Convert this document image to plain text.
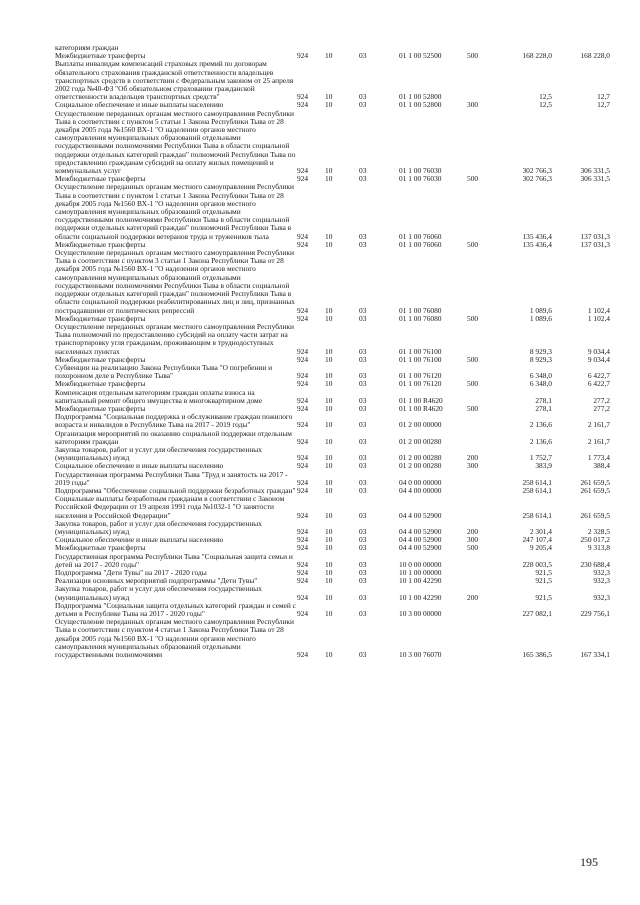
категориям граждан							
Межбюджетные трансферты	924	10	03	01 1 00 52500	500	168 228,0	168 228,0
Выплаты инвалидам компенсаций страховых премий по договорам обязательного страхования гражданской ответственности владельцев транспортных средств в соответствии с Федеральным законом от 25 апреля 2002 года №40-ФЗ "Об обязательном страховании гражданской ответственности владельцев транспортных средств"	924	10	03	01 1 00 52800		12,5	12,7
Социальное обеспечение и иные выплаты населению	924	10	03	01 1 00 52800	300	12,5	12,7
Осуществление переданных органам местного самоуправления Республики Тыва в соответствии с пунктом 5 статьи 1 Закона Республики Тыва от 28 декабря 2005 года №1560 ВХ-1 "О наделении органов местного самоуправления муниципальных образований отдельными государственными полномочиями Республики Тыва в области социальной поддержки отдельных категорий граждан" полномочий Республики Тыва по предоставлению гражданам субсидий на оплату жилых помещений и коммунальных услуг	924	10	03	01 1 00 76030		302 766,3	306 331,5
Межбюджетные трансферты	924	10	03	01 1 00 76030	500	302 766,3	306 331,5
Осуществление переданных органам местного самоуправления Республики Тыва в соответствии с пунктом 1 статьи 1 Закона Республики Тыва от 28 декабря 2005 года №1560 ВХ-1 "О наделении органов местного самоуправления муниципальных образований отдельными государственными полномочиями Республики Тыва в области социальной поддержки отдельных категорий граждан" полномочий Республики Тыва в области социальной поддержки ветеранов труда и тружеников тыла	924	10	03	01 1 00 76060		135 436,4	137 031,3
Межбюджетные трансферты	924	10	03	01 1 00 76060	500	135 436,4	137 031,3
Осуществление переданных органам местного самоуправления Республики Тыва в соответствии с пунктом 3 статьи 1 Закона Республики Тыва от 28 декабря 2005 года №1560 ВХ-1 "О наделении органов местного самоуправления муниципальных образований отдельными государственными полномочиями Республики Тыва в области социальной поддержки отдельных категорий граждан" полномочий Республики Тыва в области социальной поддержки реабилитированных лиц и лиц, признанных пострадавшими от политических репрессий	924	10	03	01 1 00 76080		1 089,6	1 102,4
Межбюджетные трансферты	924	10	03	01 1 00 76080	500	1 089,6	1 102,4
Осуществление переданных органам местного самоуправления Республики Тыва полномочий по предоставлению субсидий на оплату части затрат на транспортировку угля гражданам, проживающим в труднодоступных населенных пунктах	924	10	03	01 1 00 76100		8 929,3	9 034,4
Межбюджетные трансферты	924	10	03	01 1 00 76100	500	8 929,3	9 034,4
Субвенции на реализацию Закона Республики Тыва "О погребении и похоронном деле в Республике Тыва"	924	10	03	01 1 00 76120		6 348,0	6 422,7
Межбюджетные трансферты	924	10	03	01 1 00 76120	500	6 348,0	6 422,7
Компенсация отдельным категориям граждан оплаты взноса на капитальный ремонт общего имущества в многоквартирном доме	924	10	03	01 1 00 R4620		278,1	277,2
Межбюджетные трансферты	924	10	03	01 1 00 R4620	500	278,1	277,2
Подпрограмма "Социальная поддержка и обслуживание граждан пожилого возраста и инвалидов в Республике Тыва на 2017 - 2019 годы"	924	10	03	01 2 00 00000		2 136,6	2 161,7
Организация мероприятий по оказанию социальной поддержки отдельным категориям граждан	924	10	03	01 2 00 00280		2 136,6	2 161,7
Закупка товаров, работ и услуг для обеспечения государственных (муниципальных) нужд	924	10	03	01 2 00 00280	200	1 752,7	1 773,4
Социальное обеспечение и иные выплаты населению	924	10	03	01 2 00 00280	300	383,9	388,4
Государственная программа Республики Тыва "Труд и занятость на 2017 - 2019 годы"	924	10	03	04 0 00 00000		258 614,1	261 659,5
Подпрограмма "Обеспечение социальной поддержки безработных граждан"	924	10	03	04 4 00 00000		258 614,1	261 659,5
Социальные выплаты безработным гражданам в соответствии с Законом Российской Федерации от 19 апреля 1991 года №1032-1 "О занятости населения в Российской Федерации"	924	10	03	04 4 00 52900		258 614,1	261 659,5
Закупка товаров, работ и услуг для обеспечения государственных (муниципальных) нужд	924	10	03	04 4 00 52900	200	2 301,4	2 328,5
Социальное обеспечение и иные выплаты населению	924	10	03	04 4 00 52900	300	247 107,4	250 017,2
Межбюджетные трансферты	924	10	03	04 4 00 52900	500	9 205,4	9 313,8
Государственная программа Республики Тыва "Социальная защита семьи и детей на 2017 - 2020 годы"	924	10	03	10 0 00 00000		228 003,5	230 688,4
Подпрограмма "Дети Тувы" на 2017 - 2020 годы	924	10	03	10 1 00 00000		921,5	932,3
Реализация основных мероприятий подпрограммы "Дети Тувы"	924	10	03	10 1 00 42290		921,5	932,3
Закупка товаров, работ и услуг для обеспечения государственных (муниципальных) нужд	924	10	03	10 1 00 42290	200	921,5	932,3
Подпрограмма "Социальная защита отдельных категорий граждан и семей с детьми в Республике Тыва на 2017 - 2020 годы"	924	10	03	10 3 00 00000		227 082,1	229 756,1
Осуществление переданных органам местного самоуправления Республики Тыва в соответствии с пунктом 4 статьи 1 Закона Республики Тыва от 28 декабря 2005 года №1560 ВХ-1 "О наделении органов местного самоуправления муниципальных образований отдельными государственными полномочиями	924	10	03	10 3 00 76070		165 386,5	167 334,1
195
